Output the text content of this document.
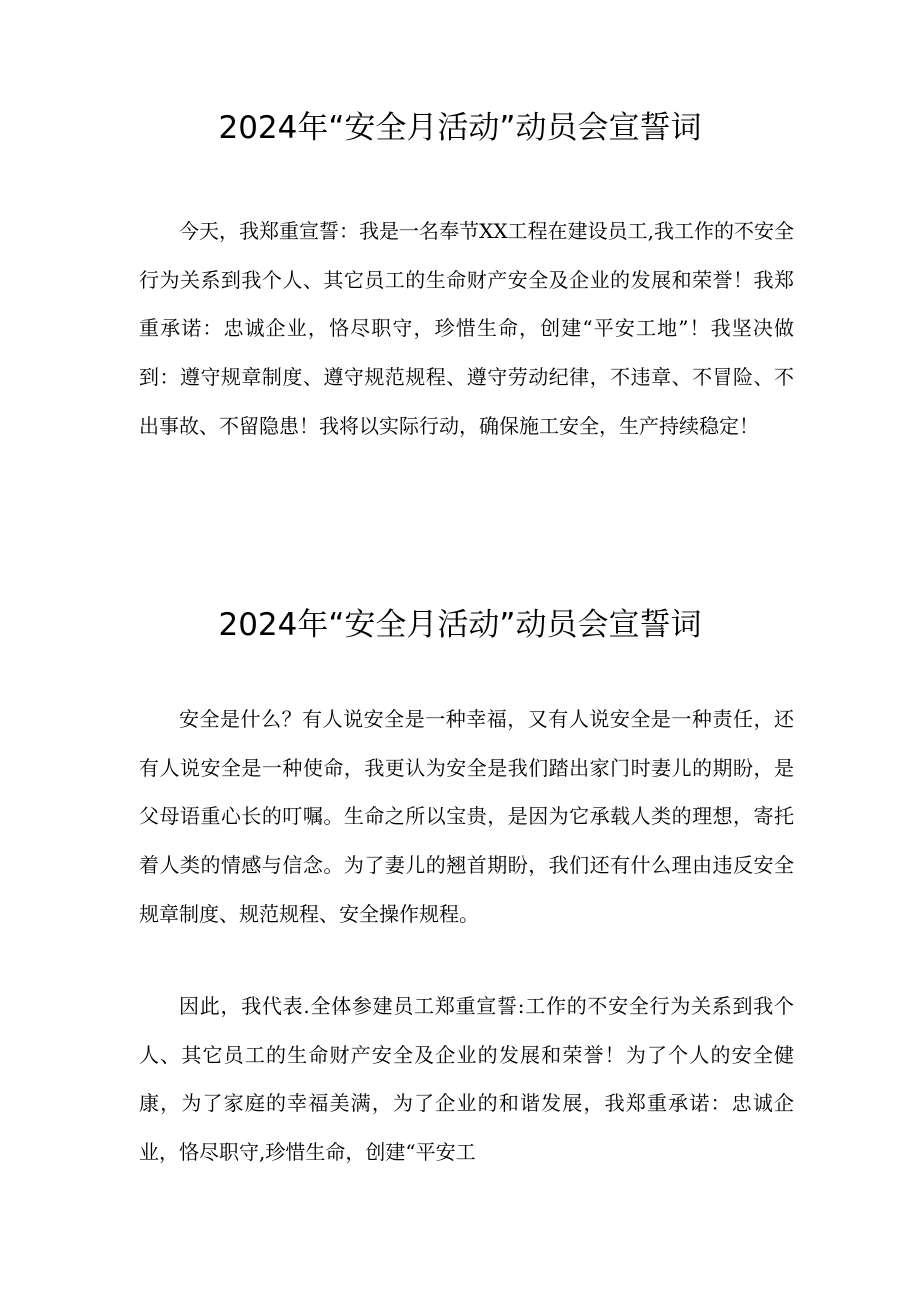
2024年“安全月活动”动员会宣誓词

今天，我郑重宣誓：我是一名奉节XX工程在建设员工,我工作的不安全行为关系到我个人、其它员工的生命财产安全及企业的发展和荣誉！我郑重承诺：忠诚企业，恪尽职守，珍惜生命，创建“平安工地”！我坚决做到：遵守规章制度、遵守规范规程、遵守劳动纪律，不违章、不冒险、不出事故、不留隐患！我将以实际行动，确保施工安全，生产持续稳定！

2024年“安全月活动”动员会宣誓词

安全是什么？有人说安全是一种幸福，又有人说安全是一种责任，还有人说安全是一种使命，我更认为安全是我们踏出家门时妻儿的期盼，是父母语重心长的叮嘱。生命之所以宝贵，是因为它承载人类的理想，寄托着人类的情感与信念。为了妻儿的翘首期盼，我们还有什么理由违反安全规章制度、规范规程、安全操作规程。

因此，我代表.全体参建员工郑重宣誓:工作的不安全行为关系到我个人、其它员工的生命财产安全及企业的发展和荣誉！为了个人的安全健康，为了家庭的幸福美满，为了企业的和谐发展，我郑重承诺：忠诚企业，恪尽职守,珍惜生命，创建“平安工
